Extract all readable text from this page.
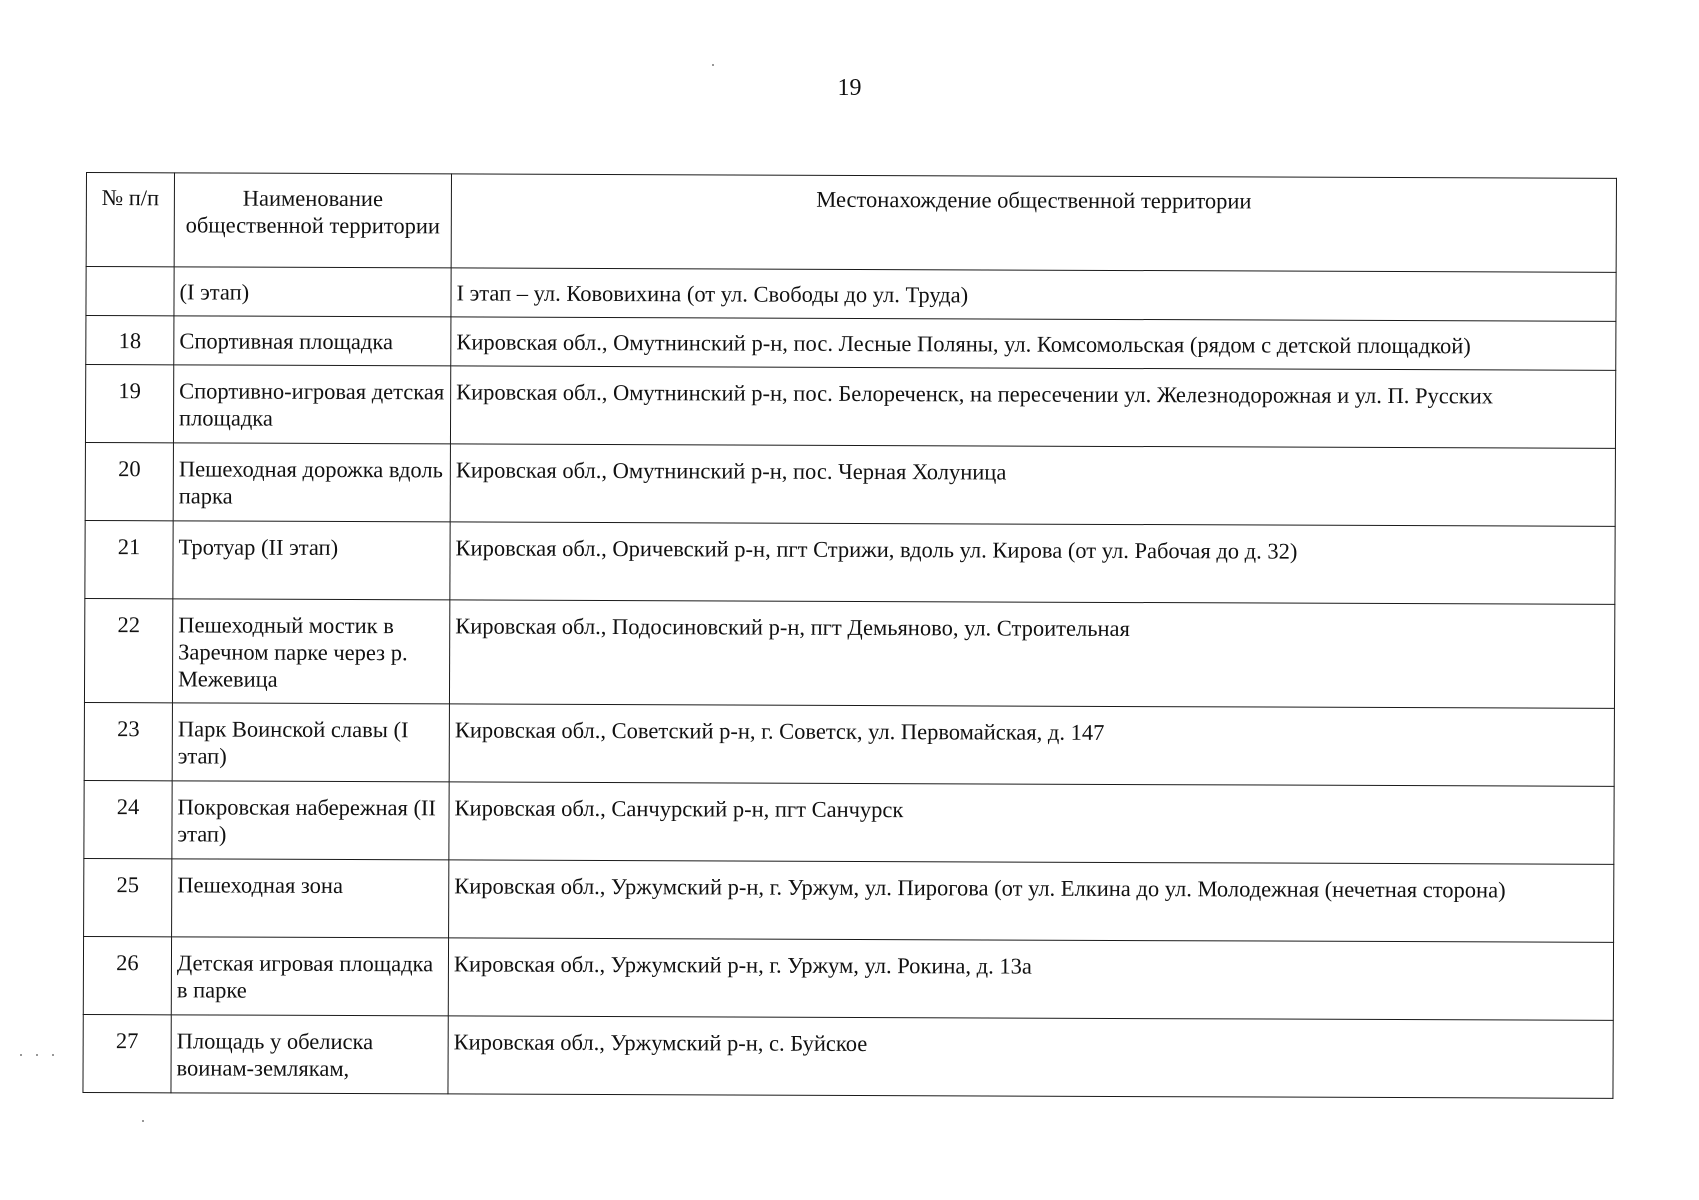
19
№ п/п	Наименование общественной территории	Местонахождение общественной территории
	(I этап)	I этап – ул. Кововихина (от ул. Свободы до ул. Труда)
18	Спортивная площадка	Кировская обл., Омутнинский р-н, пос. Лесные Поляны, ул. Комсомольская (рядом с детской площадкой)
19	Спортивно-игровая детская площадка	Кировская обл., Омутнинский р-н, пос. Белореченск, на пересечении ул. Железнодорожная и ул. П. Русских
20	Пешеходная дорожка вдоль парка	Кировская обл., Омутнинский р-н, пос. Черная Холуница
21	Тротуар (II этап)	Кировская обл., Оричевский р-н, пгт Стрижи, вдоль ул. Кирова (от ул. Рабочая до д. 32)
22	Пешеходный мостик в Заречном парке через р. Межевица	Кировская обл., Подосиновский р-н, пгт Демьяново, ул. Строительная
23	Парк Воинской славы (I этап)	Кировская обл., Советский р-н, г. Советск, ул. Первомайская, д. 147
24	Покровская набережная (II этап)	Кировская обл., Санчурский р-н, пгт Санчурск
25	Пешеходная зона	Кировская обл., Уржумский р-н, г. Уржум, ул. Пирогова (от ул. Елкина до ул. Молодежная (нечетная сторона)
26	Детская игровая площадка в парке	Кировская обл., Уржумский р-н, г. Уржум, ул. Рокина, д. 13а
27	Площадь у обелиска воинам-землякам,	Кировская обл., Уржумский р-н, с. Буйское
